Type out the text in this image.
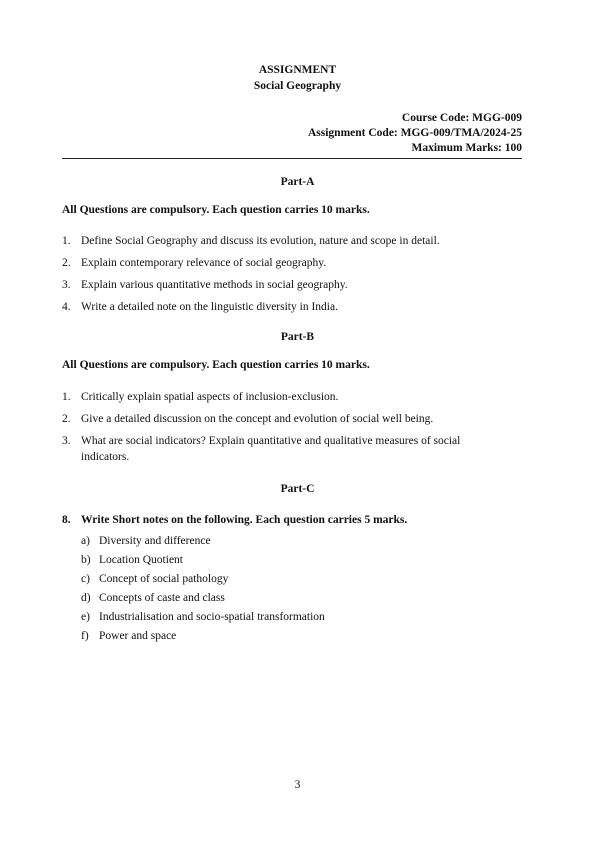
ASSIGNMENT
Social Geography
Course Code: MGG-009
Assignment Code: MGG-009/TMA/2024-25
Maximum Marks: 100
Part-A
All Questions are compulsory. Each question carries 10 marks.
1. Define Social Geography and discuss its evolution, nature and scope in detail.
2. Explain contemporary relevance of social geography.
3. Explain various quantitative methods in social geography.
4. Write a detailed note on the linguistic diversity in India.
Part-B
All Questions are compulsory. Each question carries 10 marks.
1. Critically explain spatial aspects of inclusion-exclusion.
2. Give a detailed discussion on the concept and evolution of social well being.
3. What are social indicators? Explain quantitative and qualitative measures of social indicators.
Part-C
8. Write Short notes on the following. Each question carries 5 marks.
a) Diversity and difference
b) Location Quotient
c) Concept of social pathology
d) Concepts of caste and class
e) Industrialisation and socio-spatial transformation
f) Power and space
3
